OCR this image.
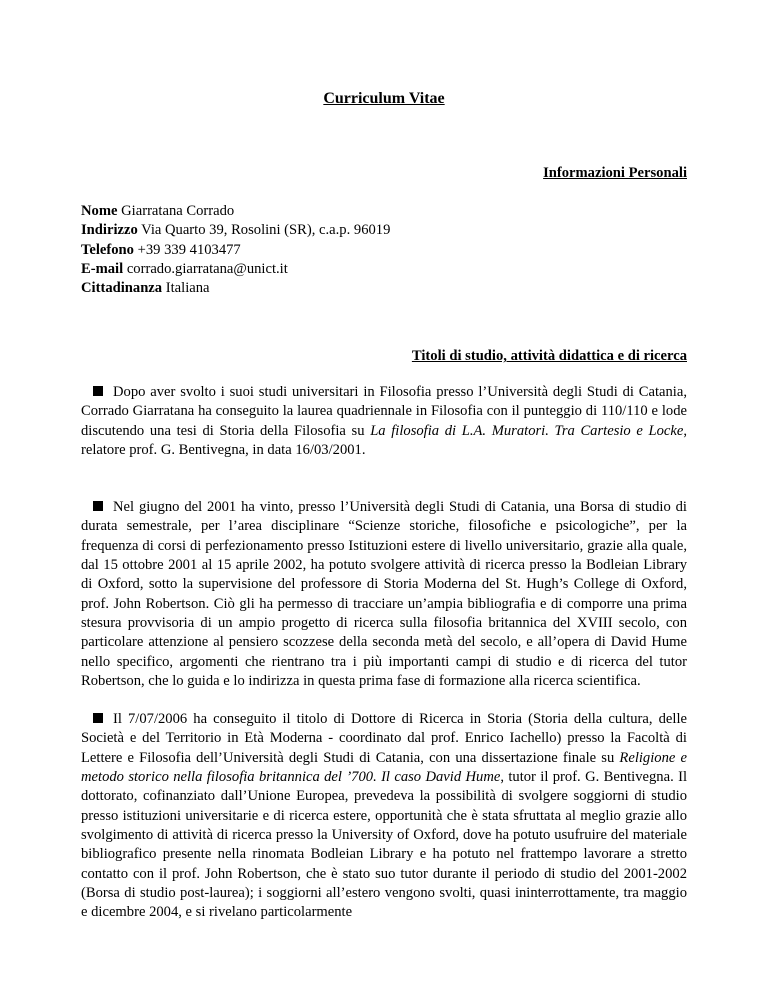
Curriculum Vitae
Informazioni Personali
Nome Giarratana Corrado
Indirizzo Via Quarto 39, Rosolini (SR), c.a.p. 96019
Telefono +39 339 4103477
E-mail corrado.giarratana@unict.it
Cittadinanza Italiana
Titoli di studio, attività didattica e di ricerca
Dopo aver svolto i suoi studi universitari in Filosofia presso l’Università degli Studi di Catania, Corrado Giarratana ha conseguito la laurea quadriennale in Filosofia con il punteggio di 110/110 e lode discutendo una tesi di Storia della Filosofia su La filosofia di L.A. Muratori. Tra Cartesio e Locke, relatore prof. G. Bentivegna, in data 16/03/2001.
Nel giugno del 2001 ha vinto, presso l’Università degli Studi di Catania, una Borsa di studio di durata semestrale, per l’area disciplinare “Scienze storiche, filosofiche e psicologiche”, per la frequenza di corsi di perfezionamento presso Istituzioni estere di livello universitario, grazie alla quale, dal 15 ottobre 2001 al 15 aprile 2002, ha potuto svolgere attività di ricerca presso la Bodleian Library di Oxford, sotto la supervisione del professore di Storia Moderna del St. Hugh’s College di Oxford, prof. John Robertson. Ciò gli ha permesso di tracciare un’ampia bibliografia e di comporre una prima stesura provvisoria di un ampio progetto di ricerca sulla filosofia britannica del XVIII secolo, con particolare attenzione al pensiero scozzese della seconda metà del secolo, e all’opera di David Hume nello specifico, argomenti che rientrano tra i più importanti campi di studio e di ricerca del tutor Robertson, che lo guida e lo indirizza in questa prima fase di formazione alla ricerca scientifica.
Il 7/07/2006 ha conseguito il titolo di Dottore di Ricerca in Storia (Storia della cultura, delle Società e del Territorio in Età Moderna - coordinato dal prof. Enrico Iachello) presso la Facoltà di Lettere e Filosofia dell’Università degli Studi di Catania, con una dissertazione finale su Religione e metodo storico nella filosofia britannica del ’700. Il caso David Hume, tutor il prof. G. Bentivegna. Il dottorato, cofinanziato dall’Unione Europea, prevedeva la possibilità di svolgere soggiorni di studio presso istituzioni universitarie e di ricerca estere, opportunità che è stata sfruttata al meglio grazie allo svolgimento di attività di ricerca presso la University of Oxford, dove ha potuto usufruire del materiale bibliografico presente nella rinomata Bodleian Library e ha potuto nel frattempo lavorare a stretto contatto con il prof. John Robertson, che è stato suo tutor durante il periodo di studio del 2001-2002 (Borsa di studio post-laurea); i soggiorni all’estero vengono svolti, quasi ininterrottamente, tra maggio e dicembre 2004, e si rivelano particolarmente
